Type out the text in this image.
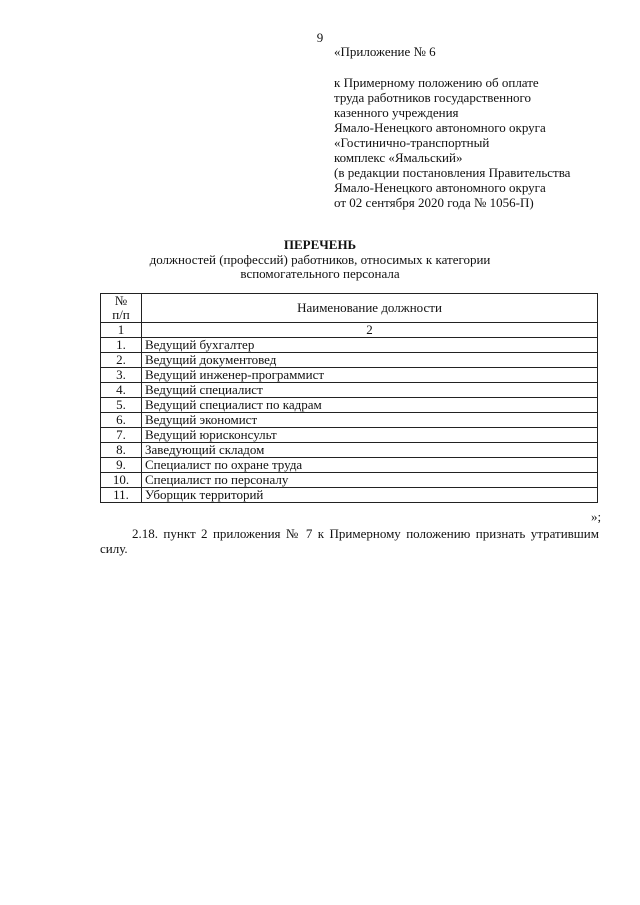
9
«Приложение № 6
к Примерному положению об оплате
труда работников государственного
казенного учреждения
Ямало-Ненецкого автономного округа
«Гостинично-транспортный
комплекс «Ямальский»
(в редакции постановления Правительства
Ямало-Ненецкого автономного округа
от 02 сентября 2020 года № 1056-П)
ПЕРЕЧЕНЬ
должностей (профессий) работников, относимых к категории
вспомогательного персонала
№
п/п	Наименование должности
1	2
1.	Ведущий бухгалтер
2.	Ведущий документовед
3.	Ведущий инженер-программист
4.	Ведущий специалист
5.	Ведущий специалист по кадрам
6.	Ведущий экономист
7.	Ведущий юрисконсульт
8.	Заведующий складом
9.	Специалист по охране труда
10.	Специалист по персоналу
11.	Уборщик территорий
»;
2.18. пункт 2 приложения № 7 к Примерному положению признать утратившим силу.
